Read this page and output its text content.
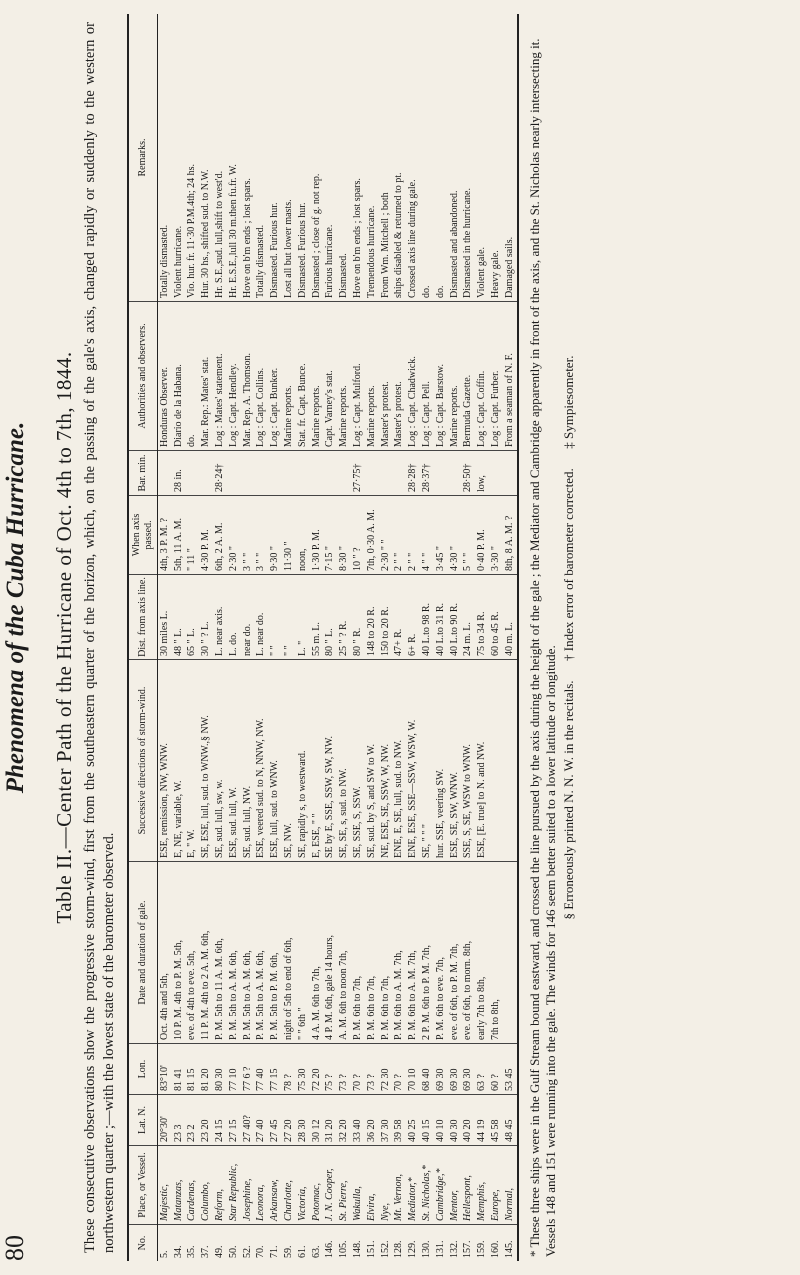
80
Phenomena of the Cuba Hurricane. Table II.—Center Path of the Hurricane of Oct. 4th to 7th, 1844. These consecutive observations show the progressive storm-wind, first from the southeastern quarter of the horizon, which, on the passing of the gale's axis, changed rapidly or suddenly to the western or northwestern quarter ;—with the lowest state of the barometer observed. No.	Place, or Vessel.	Lat. N.	Lon.	Date and duration of gale.	Successive directions of storm-wind.	Dist. from axis line.	When axis passed.	Bar. min.	Authorities and observers.	Remarks.
5.	Majestic,	20°30'	83°10'	Oct. 4th and 5th,	ESE, remission, NW, WNW.	30 miles L.	4th, 3 P. M. ?		Honduras Observer.	Totally dismasted.
34.	Matanzas,	23 3	81 41	10 P. M. 4th to P. M. 5th,	E, NE, variable, W.	48 " L.	5th, 11 A. M.	28 in.	Diario de la Habana.	Violent hurricane.
35.	Cardenas,	23 2	81 15	eve. of 4th to eve. 5th,	E, " W.	65 " L.	" 11 "		do.	Vio. hur. fr. 11·30 P.M.4th; 24 hs.
37.	Columbo,	23 20	81 20	11 P. M. 4th to 2 A. M. 6th,	SE, ESE, lull, sud. to WNW.,§ NW.	30 " ? L.	4·30 P. M.		Mar. Rep.: Mates' stat.	Hur. 30 hs., shifted sud. to N.W.
49.	Reform,	24 15	80 30	P. M. 5th to 11 A. M. 6th,	SE, sud. lull, sw, w.	L. near axis.	6th, 2 A. M.	28·24†	Log : Mates' statement.	Hr. S.E.,sud. lull,shift to west'd.
50.	Star Republic,	27 15	77 10	P. M. 5th to A. M. 6th,	ESE, sud. lull, W.	L. do.	2·30 "		Log : Capt. Hendley.	Hr. E.S.E.,lull 30 m.then fu.fr. W.
52.	Josephine,	27 40?	77 6 ?	P. M. 5th to A. M. 6th,	SE, sud. lull, NW.	near do.	3 " "		Mar. Rep. A. Thomson.	Hove on b'm ends ; lost spars.
70.	Leonora,	27 40	77 40	P. M. 5th to A. M. 6th,	ESE, veered sud. to N, NNW, NW.	L. near do.	3 " "		Log : Capt. Collins.	Totally dismasted.
71.	Arkansaw,	27 45	77 15	P. M. 5th to P. M. 6th,	ESE, lull, sud. to WNW.	" "	9·30 "		Log : Capt. Bunker.	Dismasted. Furious hur.
59.	Charlotte,	27 20	78 ?	night of 5th to end of 6th,	SE, NW.	" "	11·30 "		Marine reports.	Lost all but lower masts.
61.	Victoria,	28 30	75 30	" " 6th "	SE, rapidly s, to westward.	L. "	noon,		Stat. fr. Capt. Bunce.	Dismasted. Furious hur.
63.	Potomac,	30 12	72 20	4 A. M. 6th to 7th,	E, ESE, " "	55 m. L.	1·30 P. M.		Marine reports.	Dismasted ; close of g. not rep.
146.	J. N. Cooper,	31 20	75 ?	4 P. M. 6th, gale 14 hours,	SE by E, SSE, SSW, SW, NW.	80 " L.	7·15 "		Capt. Varney's stat.	Furious hurricane.
105.	St. Pierre,	32 20	73 ?	A. M. 6th to noon 7th,	SE, SE, s, sud. to NW.	25 " ? R.	8·30 "		Marine reports.	Dismasted.
148.	Wakulla,	33 40	70 ?	P. M. 6th to 7th,	SE, SSE, S, SSW.	80 " R.	10 " ?	27·75†	Log : Capt. Mulford.	Hove on b'm ends ; lost spars.
151.	Elvira,	36 20	73 ?	P. M. 6th to 7th,	SE, sud. by S, and SW to W.	148 to 20 R.	7th, 0·30 A. M.		Marine reports.	Tremendous hurricane.
152.	Nye,	37 30	72 30	P. M. 6th to 7th,	NE, ESE, SE, SSW, W, NW.	150 to 20 R.	2·30 " "		Master's protest.	From Wm. Mitchell ; both
128.	Mt. Vernon,	39 58	70 ?	P. M. 6th to A. M. 7th,	ENE, E, SE, lull, sud. to NW.	47+ R.	2 " "		Master's protest.	ships disabled & returned to pt.
129.	Mediator,*	40 25	70 10	P. M. 6th to A. M. 7th,	ENE, ESE, SSE—SSW, WSW, W.	6+ R.	2 " "	28·28†	Log : Capt. Chadwick.	Crossed axis line during gale.
130.	St. Nicholas,*	40 15	68 40	2 P. M. 6th to P. M. 7th,	SE, " " "	40 L.to 98 R.	4 " "	28·37†	Log : Capt. Pell.	do.
131.	Cambridge,*	40 10	69 30	P. M. 6th to eve. 7th,	hur. SSE, veering SW.	40 L.to 31 R.	3·45 "		Log : Capt. Barstow.	do.
132.	Mentor,	40 30	69 30	eve. of 6th, to P. M. 7th,	ESE, SE, SW, WNW.	40 L.to 90 R.	4·30 "		Marine reports.	Dismasted and abandoned.
157.	Hellespont,	40 20	69 30	eve. of 6th, to morn. 8th,	SSE, S, SE, WSW to WNW.	24 m. L.	5 " "	28·50†	Bermuda Gazette.	Dismasted in the hurricane.
159.	Memphis,	44 19	63 ?	early 7th to 8th,	ESE, [E. true] to N. and NW.	75 to 34 R.	0·40 P. M.	low,	Log : Capt. Coffin.	Violent gale.
160.	Europe,	45 58	60 ?	7th to 8th,		60 to 45 R.	3·30 "		Log : Capt. Furber.	Heavy gale.
145.	Normal,	48 45	53 45			40 m. L.	8th, 8 A. M. ?		From a seaman of N. F.	Damaged sails. * These three ships were in the Gulf Stream bound eastward, and crossed the line pursued by the axis during the height of the gale ; the Mediator and Cambridge apparently in front of the axis, and the St. Nicholas nearly intersecting it. Vessels 148 and 151 were running into the gale. The winds for 146 seem better suited to a lower latitude or longitude. § Erroneously printed N. N. W. in the recitals.      † Index error of barometer corrected.      ‡ Sympiesometer.
